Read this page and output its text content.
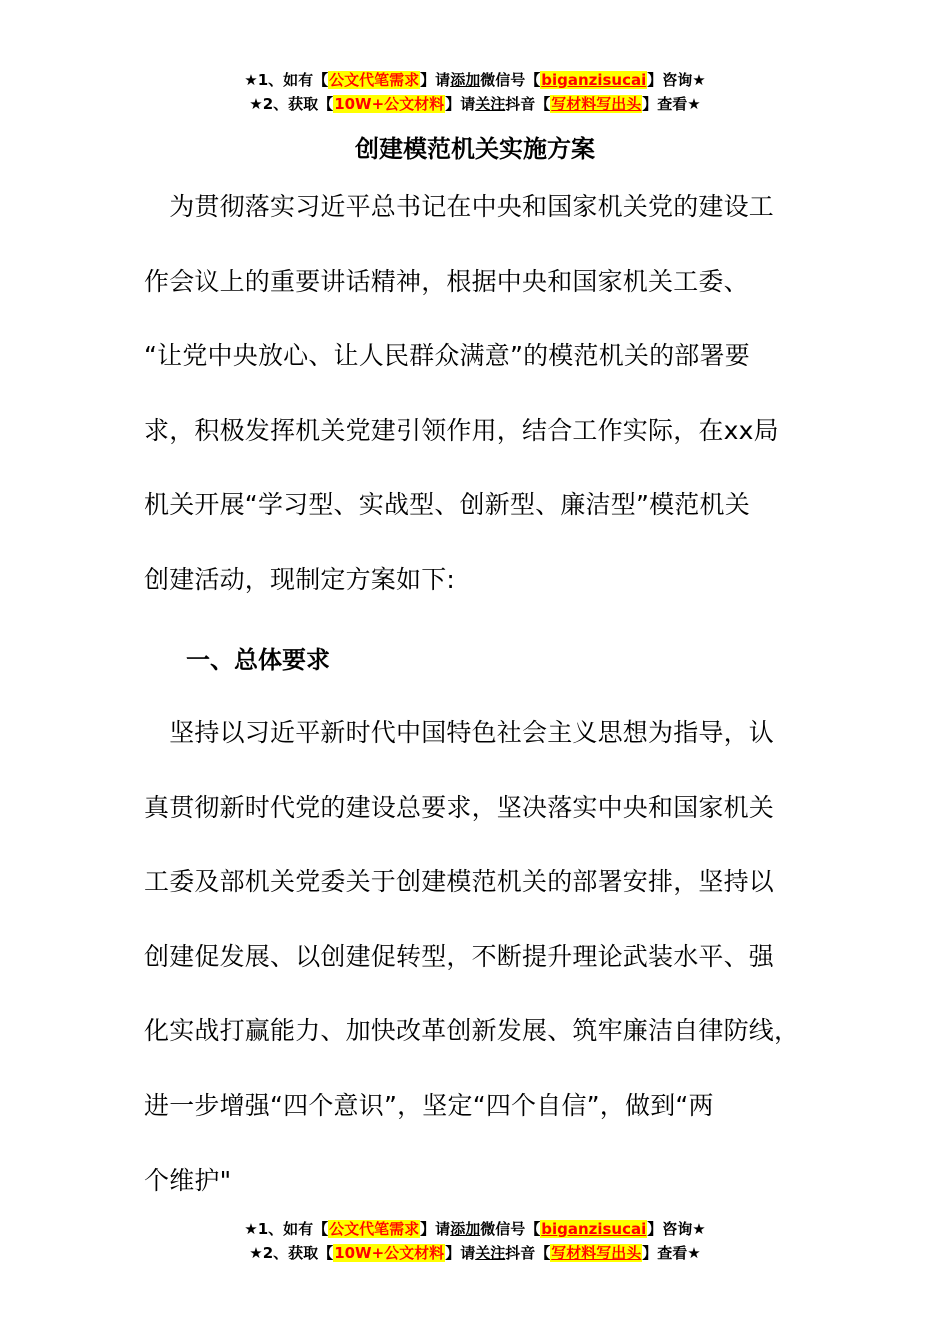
★1、如有【公文代笔需求】请添加微信号【biganzisucai】咨询★
★2、获取【10W+公文材料】请关注抖音【写材料写出头】查看★
创建模范机关实施方案
　为贯彻落实习近平总书记在中央和国家机关党的建设工
作会议上的重要讲话精神，根据中央和国家机关工委、
“让党中央放心、让人民群众满意”的模范机关的部署要
求，积极发挥机关党建引领作用，结合工作实际，在xx局
机关开展“学习型、实战型、创新型、廉洁型”模范机关
创建活动，现制定方案如下:
一、总体要求
　坚持以习近平新时代中国特色社会主义思想为指导，认
真贯彻新时代党的建设总要求，坚决落实中央和国家机关
工委及部机关党委关于创建模范机关的部署安排，坚持以
创建促发展、以创建促转型，不断提升理论武装水平、强
化实战打赢能力、加快改革创新发展、筑牢廉洁自律防线，
进一步增强“四个意识”，坚定“四个自信”，做到“两
个维护"
★1、如有【公文代笔需求】请添加微信号【biganzisucai】咨询★
★2、获取【10W+公文材料】请关注抖音【写材料写出头】查看★
